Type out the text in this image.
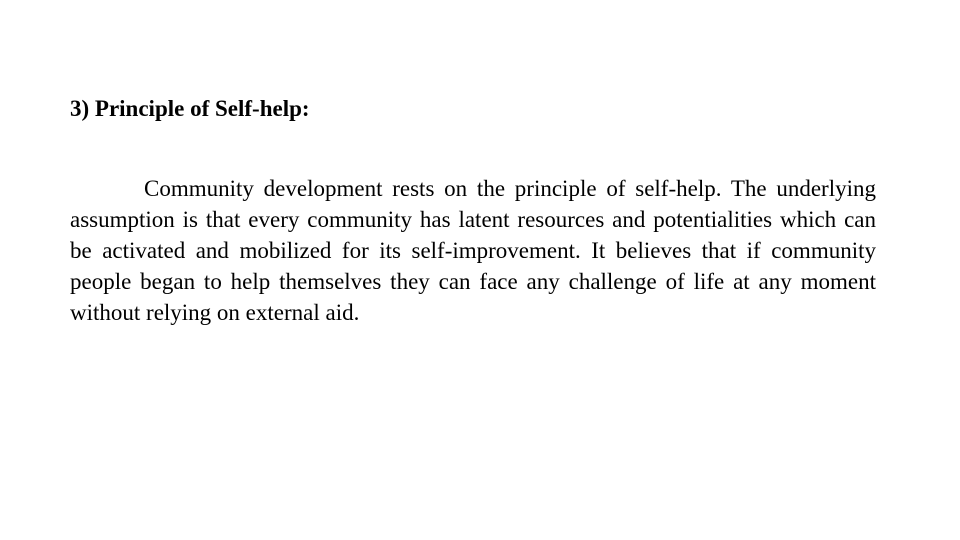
3) Principle of Self-help:

Community development rests on the principle of self-help. The underlying assumption is that every community has latent resources and potentialities which can be activated and mobilized for its self-improvement. It believes that if community people began to help themselves they can face any challenge of life at any moment without relying on external aid.
